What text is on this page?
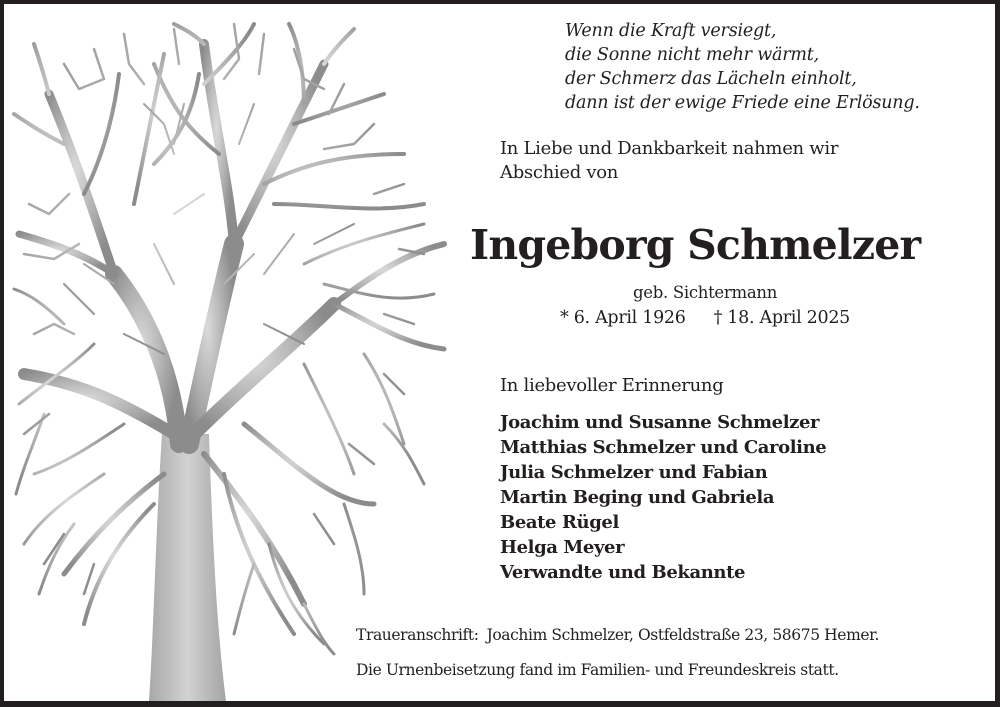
Wenn die Kraft versiegt,
die Sonne nicht mehr wärmt,
der Schmerz das Lächeln einholt,
dann ist der ewige Friede eine Erlösung.
In Liebe und Dankbarkeit nahmen wir
Abschied von
Ingeborg Schmelzer
geb. Sichtermann
* 6. April 1926 † 18. April 2025
In liebevoller Erinnerung
Joachim und Susanne Schmelzer
Matthias Schmelzer und Caroline
Julia Schmelzer und Fabian
Martin Beging und Gabriela
Beate Rügel
Helga Meyer
Verwandte und Bekannte
Traueranschrift: Joachim Schmelzer, Ostfeldstraße 23, 58675 Hemer.
Die Urnenbeisetzung fand im Familien- und Freundeskreis statt.
